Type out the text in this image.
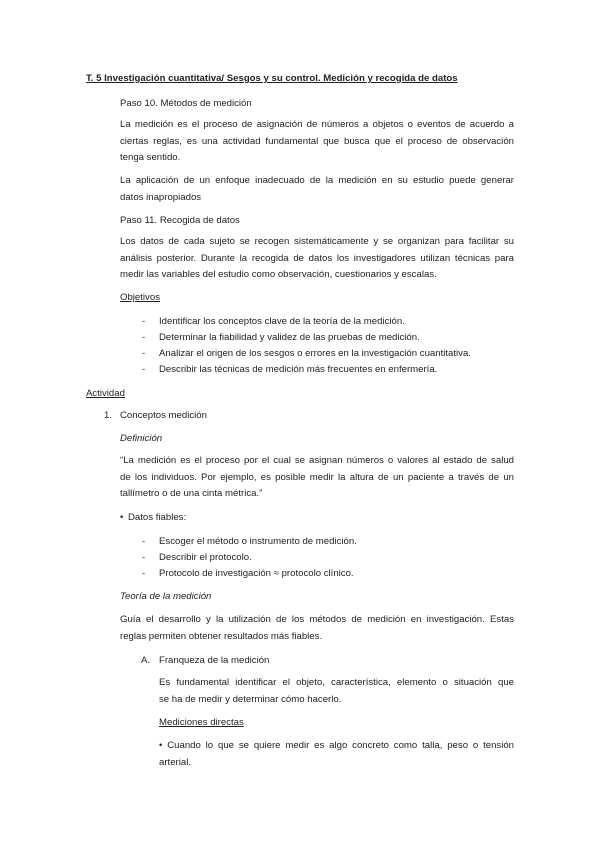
T. 5 Investigación cuantitativa/ Sesgos y su control. Medición y recogida de datos
Paso 10. Métodos de medición
La medición es el proceso de asignación de números a objetos o eventos de acuerdo a
ciertas reglas, es una actividad fundamental que busca que el proceso de observación
tenga sentido.
La aplicación de un enfoque inadecuado de la medición en su estudio puede generar
datos inapropiados
Paso 11. Recogida de datos
Los datos de cada sujeto se recogen sistemáticamente y se organizan para facilitar su
análisis posterior. Durante la recogida de datos los investigadores utilizan técnicas para
medir las variables del estudio como observación, cuestionarios y escalas.
Objetivos
- Identificar los conceptos clave de la teoría de la medición.
- Determinar la fiabilidad y validez de las pruebas de medición.
- Analizar el origen de los sesgos o errores en la investigación cuantitativa.
- Describir las técnicas de medición más frecuentes en enfermería.
Actividad
1. Conceptos medición
Definición
“La medición es el proceso por el cual se asignan números o valores al estado de salud
de los individuos. Por ejemplo, es posible medir la altura de un paciente a través de un
tallímetro o de una cinta métrica.”
• Datos fiables:
- Escoger el método o instrumento de medición.
- Describir el protocolo.
- Protocolo de investigación ≈ protocolo clínico.
Teoría de la medición
Guía el desarrollo y la utilización de los métodos de medición en investigación. Estas
reglas permiten obtener resultados más fiables.
A. Franqueza de la medición
Es fundamental identificar el objeto, característica, elemento o situación que
se ha de medir y determinar cómo hacerlo.
Mediciones directas
• Cuando lo que se quiere medir es algo concreto como talla, peso o tensión
arterial.
